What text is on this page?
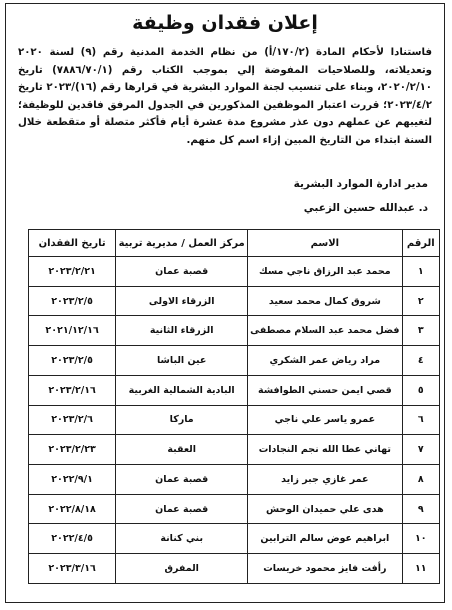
إعلان فقدان وظيفة
فاستنادا لأحكام المادة (١٧٠/٢/أ) من نظام الخدمة المدنية رقم (٩) لسنة ٢٠٢٠ وتعديلاته، وللصلاحيات المفوضة إلي بموجب الكتاب رقم (٧٨٨٦/٧٠/١) تاريخ ٢٠٢٠/٢/١٠، وبناء على تنسيب لجنة الموارد البشرية في قرارها رقم (١٦)/٢٠٢٣ تاريخ ٢٠٢٣/٤/٢؛ قررت اعتبار الموظفين المذكورين في الجدول المرفق فاقدين للوظيفة؛ لتغيبهم عن عملهم دون عذر مشروع مدة عشرة أيام فأكثر متصلة أو متقطعة خلال السنة ابتداء من التاريخ المبين إزاء اسم كل منهم.
مدير ادارة الموارد البشرية
د. عبدالله حسين الزعبي
الرقم	الاسم	مركز العمل / مديرية تربية	تاريخ الفقدان
١	محمد عبد الرزاق ناجي مسك	قصبة عمان	٢٠٢٣/٢/٢١
٢	شروق كمال محمد سعيد	الزرقاء الاولى	٢٠٢٣/٢/٥
٣	فضل محمد عبد السلام مصطفى	الزرقاء الثانية	٢٠٢١/١٢/١٦
٤	مراد رياض عمر الشكري	عين الباشا	٢٠٢٣/٢/٥
٥	قصي ايمن حسني الطوافشة	البادية الشمالية الغربية	٢٠٢٣/٢/١٦
٦	عمرو ياسر علي ناجي	ماركا	٢٠٢٣/٢/٦
٧	تهاني عطا الله نجم النجادات	العقبة	٢٠٢٣/٢/٢٣
٨	عمر غازي جبر زايد	قصبة عمان	٢٠٢٢/٩/١
٩	هدى علي حميدان الوحش	قصبة عمان	٢٠٢٢/٨/١٨
١٠	ابراهيم عوض سالم الترابين	بني كنانة	٢٠٢٢/٤/٥
١١	رأفت فايز محمود خريسات	المفرق	٢٠٢٣/٣/١٦
